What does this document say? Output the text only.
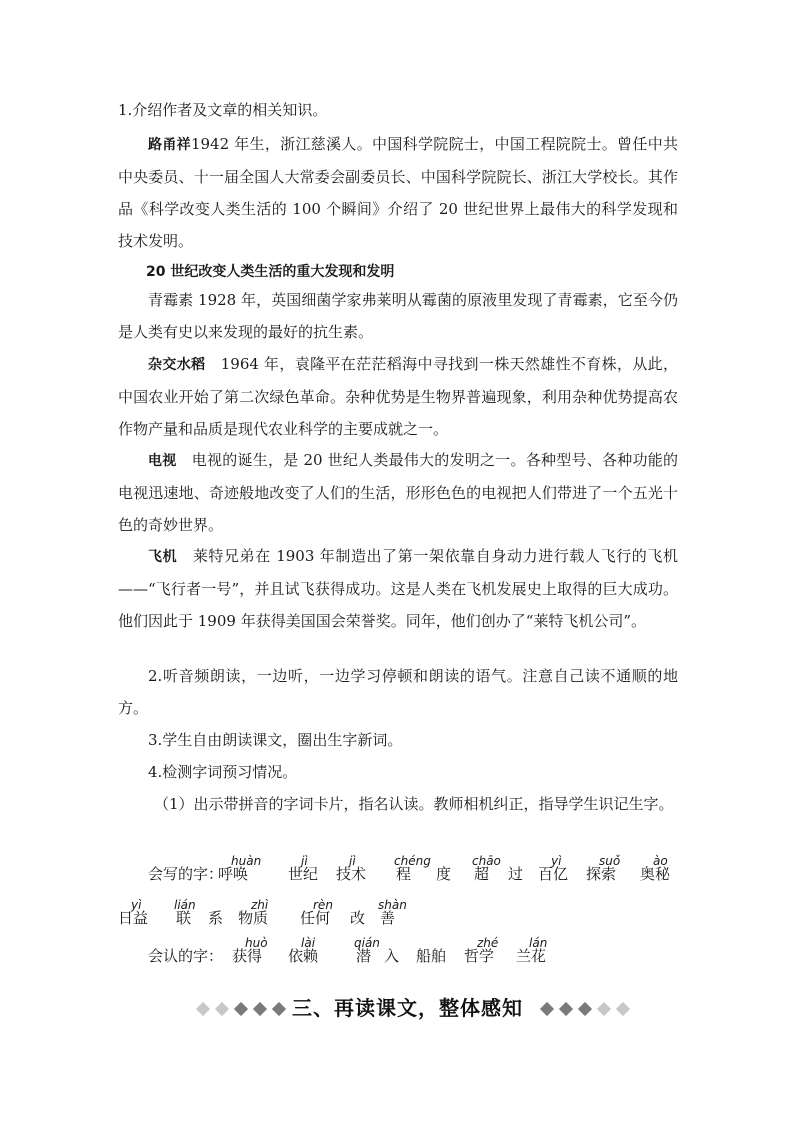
1.介绍作者及文章的相关知识。
路甬祥1942 年生，浙江慈溪人。中国科学院院士，中国工程院院士。曾任中共中央委员、十一届全国人大常委会副委员长、中国科学院院长、浙江大学校长。其作品《科学改变人类生活的 100 个瞬间》介绍了 20 世纪世界上最伟大的科学发现和技术发明。
20 世纪改变人类生活的重大发现和发明
青霉素 1928 年，英国细菌学家弗莱明从霉菌的原液里发现了青霉素，它至今仍是人类有史以来发现的最好的抗生素。
杂交水稻　 1964 年，袁隆平在茫茫稻海中寻找到一株天然雄性不育株，从此，中国农业开始了第二次绿色革命。杂种优势是生物界普遍现象，利用杂种优势提高农作物产量和品质是现代农业科学的主要成就之一。
电视　 电视的诞生，是 20 世纪人类最伟大的发明之一。各种型号、各种功能的电视迅速地、奇迹般地改变了人们的生活，形形色色的电视把人们带进了一个五光十色的奇妙世界。
飞机　 莱特兄弟在 1903 年制造出了第一架依靠自身动力进行载人飞行的飞机——“飞行者一号”，并且试飞获得成功。这是人类在飞机发展史上取得的巨大成功。他们因此于 1909 年获得美国国会荣誉奖。同年，他们创办了“莱特飞机公司”。
2.听音频朗读，一边听，一边学习停顿和朗读的语气。注意自己读不通顺的地方。
3.学生自由朗读课文，圈出生字新词。
4.检测字词预习情况。
（1）出示带拼音的字词卡片，指名认读。教师相机纠正，指导学生识记生字。
会写的字：
呼唤
huàn
世纪
jì
技术
jì
程
chéng
度 超
chāo
过 百亿
yì
探索
suǒ
奥秘
ào
日益
yì
联
lián
系 物质
zhì
任何
rèn
改 善
shàn
会认的字： 获得
huò
依赖
lài
潜
qián
入 船舶 哲学
zhé
兰花
lán
三、再读课文，整体感知
